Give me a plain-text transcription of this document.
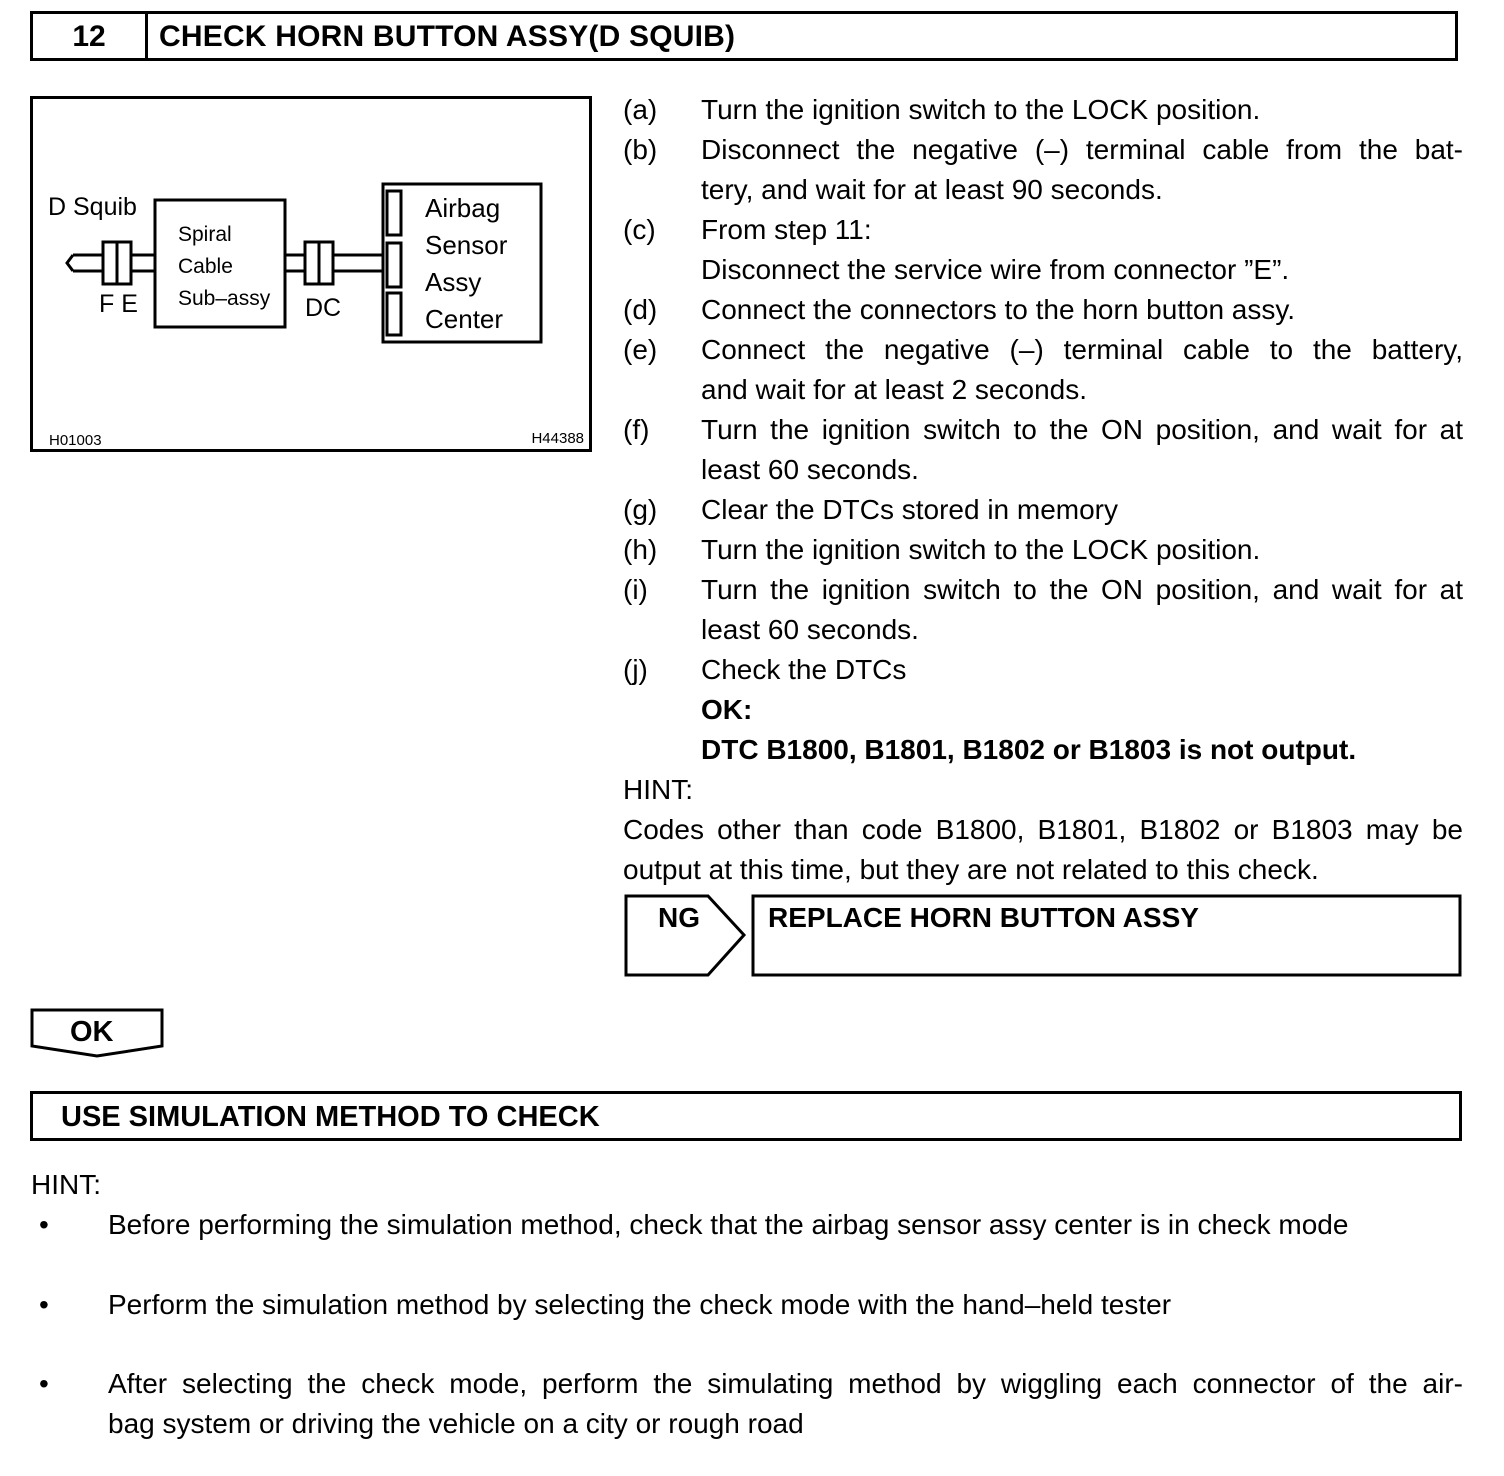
12	CHECK HORN BUTTON ASSY(D SQUIB)
D Squib
F E
Spiral
Cable
Sub–assy DC
Airbag
Sensor
Assy
Center
H01003	H44388
(a)	Turn the ignition switch to the LOCK position.
(b)	Disconnect the negative (–) terminal cable from the bat-
tery, and wait for at least 90 seconds.
(c)	From step 11:
Disconnect the service wire from connector ”E”.
(d)	Connect the connectors to the horn button assy.
(e)	Connect the negative (–) terminal cable to the battery,
and wait for at least 2 seconds.
(f)	Turn the ignition switch to the ON position, and wait for at
least 60 seconds.
(g)	Clear the DTCs stored in memory
(h)	Turn the ignition switch to the LOCK position.
(i)	Turn the ignition switch to the ON position, and wait for at
least 60 seconds.
(j)	Check the DTCs
OK:
DTC B1800, B1801, B1802 or B1803 is not output.
HINT:
Codes other than code B1800, B1801, B1802 or B1803 may be
output at this time, but they are not related to this check.
NG REPLACE HORN BUTTON ASSY
OK
USE SIMULATION METHOD TO CHECK
HINT:
• Before performing the simulation method, check that the airbag sensor assy center is in check mode
• Perform the simulation method by selecting the check mode with the hand–held tester
• After selecting the check mode, perform the simulating method by wiggling each connector of the air-
bag system or driving the vehicle on a city or rough road
